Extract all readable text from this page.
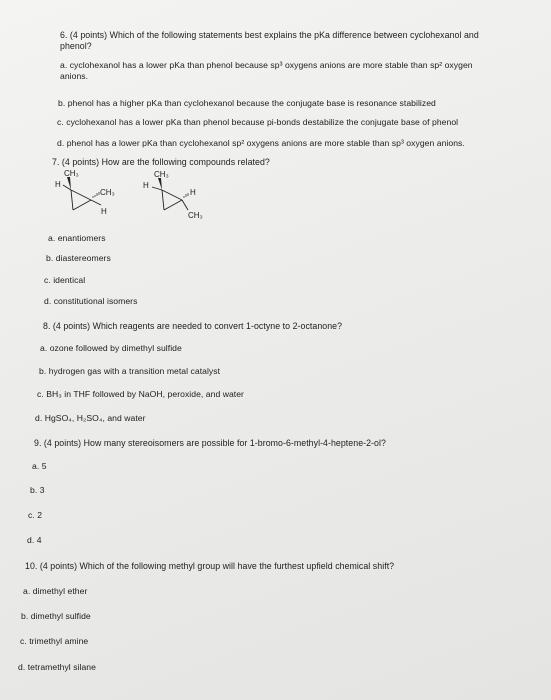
6. (4 points) Which of the following statements best explains the pKa difference between cyclohexanol and phenol?
a. cyclohexanol has a lower pKa than phenol because sp³ oxygens anions are more stable than sp² oxygen anions.
b. phenol has a higher pKa than cyclohexanol because the conjugate base is resonance stabilized
c. cyclohexanol has a lower pKa than phenol because pi-bonds destabilize the conjugate base of phenol
d. phenol has a lower pKa than cyclohexanol sp² oxygens anions are more stable than sp³ oxygen anions.
7. (4 points) How are the following compounds related?
H
CH₃
CH₃
H
H
CH₃
H
CH₃
a. enantiomers
b. diastereomers
c. identical
d. constitutional isomers
8. (4 points) Which reagents are needed to convert 1-octyne to 2-octanone?
a. ozone followed by dimethyl sulfide
b. hydrogen gas with a transition metal catalyst
c. BH₃ in THF followed by NaOH, peroxide, and water
d. HgSO₄, H₂SO₄, and water
9. (4 points) How many stereoisomers are possible for 1-bromo-6-methyl-4-heptene-2-ol?
a. 5
b. 3
c. 2
d. 4
10. (4 points) Which of the following methyl group will have the furthest upfield chemical shift?
a. dimethyl ether
b. dimethyl sulfide
c. trimethyl amine
d. tetramethyl silane
